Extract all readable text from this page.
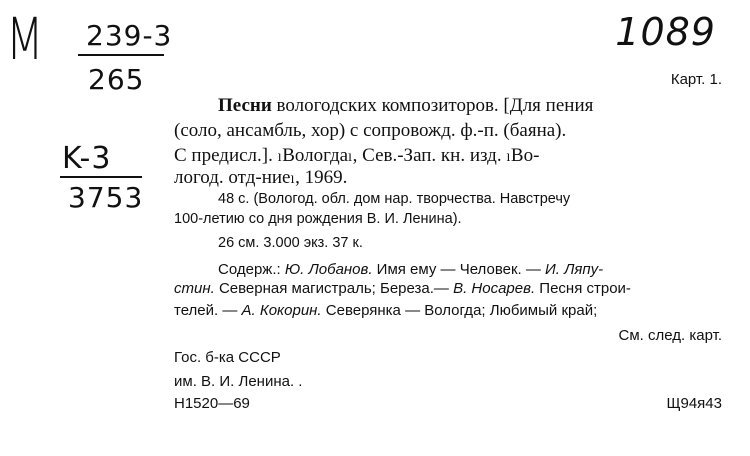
M 239-3
265
K-3
3753
1089
Карт. 1.
Песни вологодских композиторов. [Для пения
(соло, ансамбль, хор) с сопровожд. ф.-п. (баяна).
С предисл.]. ₗВологдаₗ, Сев.-Зап. кн. изд. ₗВо-
логод. отд-ниеₗ, 1969.
48 с. (Вологод. обл. дом нар. творчества. Навстречу
100-летию со дня рождения В. И. Ленина).
26 см. 3.000 экз. 37 к.
Содерж.: Ю. Лобанов. Имя ему — Человек. — И. Ляпу-
стин. Северная магистраль; Береза.— В. Носарев. Песня строи-
телей. — А. Кокорин. Северянка — Вологда; Любимый край;
См. след. карт.
Гос. б-ка СССР
им. В. И. Ленина. .
Н1520—69	Щ94я43
